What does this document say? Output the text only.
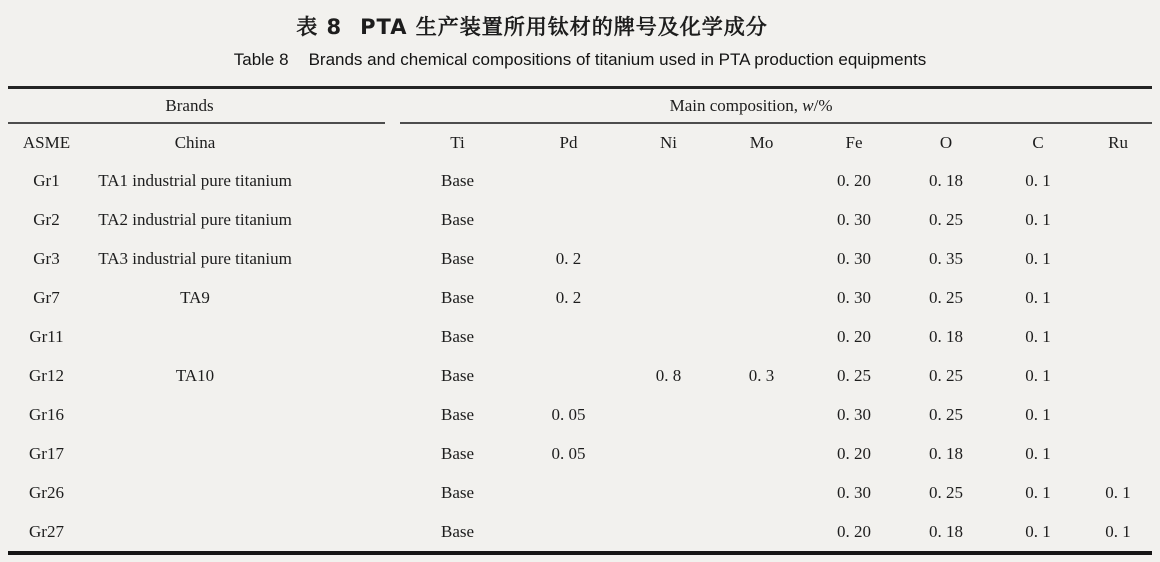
表 8 PTA 生产装置所用钛材的牌号及化学成分
Table 8 Brands and chemical compositions of titanium used in PTA production equipments
Brands			Main composition, w/%							
ASME	China		Ti	Pd	Ni	Mo	Fe	O	C	Ru
Gr1	TA1 industrial pure titanium		Base				0. 20	0. 18	0. 1	
Gr2	TA2 industrial pure titanium		Base				0. 30	0. 25	0. 1	
Gr3	TA3 industrial pure titanium		Base	0. 2			0. 30	0. 35	0. 1	
Gr7	TA9		Base	0. 2			0. 30	0. 25	0. 1	
Gr11			Base				0. 20	0. 18	0. 1	
Gr12	TA10		Base		0. 8	0. 3	0. 25	0. 25	0. 1	
Gr16			Base	0. 05			0. 30	0. 25	0. 1	
Gr17			Base	0. 05			0. 20	0. 18	0. 1	
Gr26			Base				0. 30	0. 25	0. 1	0. 1
Gr27			Base				0. 20	0. 18	0. 1	0. 1
